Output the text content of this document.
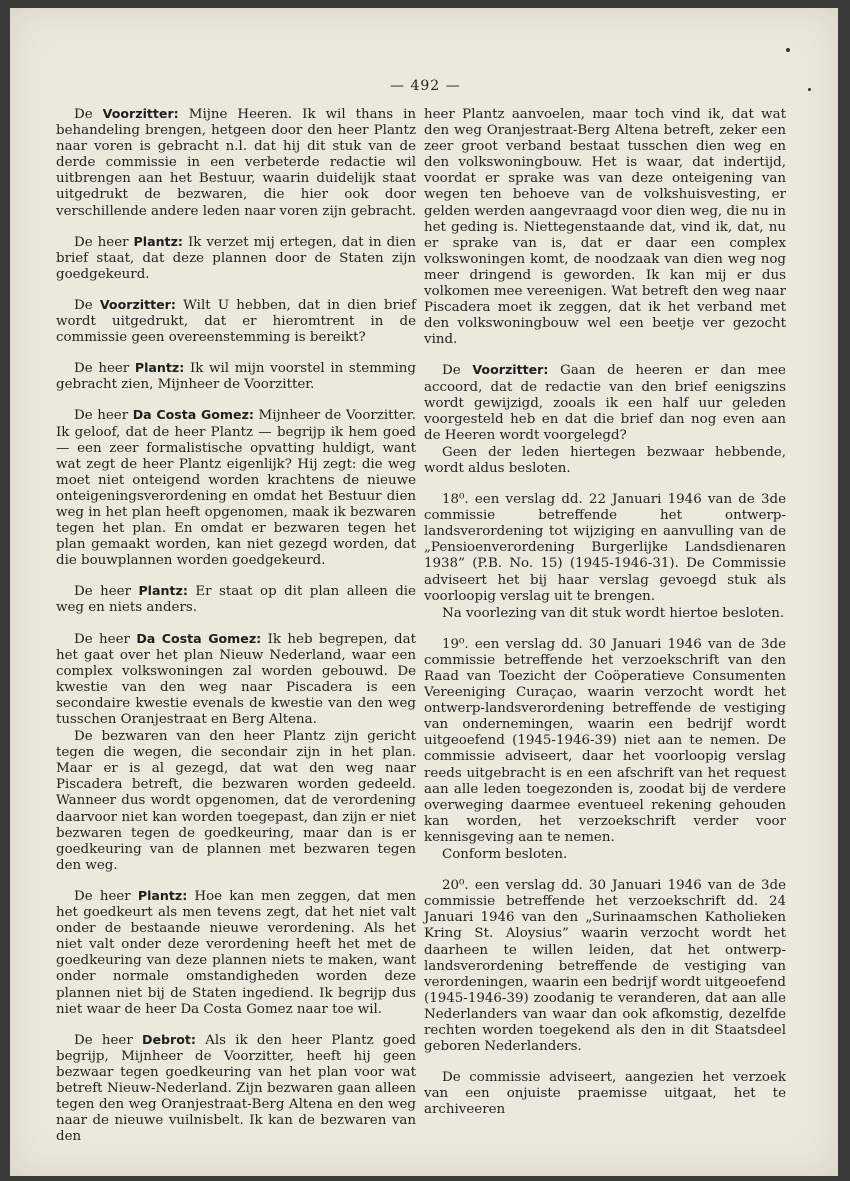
— 492 —

De Voorzitter: Mijne Heeren. Ik wil thans in behandeling brengen, hetgeen door den heer Plantz naar voren is gebracht n.l. dat hij dit stuk van de derde commissie in een verbeterde redactie wil uitbrengen aan het Bestuur, waarin duidelijk staat uitgedrukt de bezwaren, die hier ook door verschillende andere leden naar voren zijn gebracht.

De heer Plantz: Ik verzet mij ertegen, dat in dien brief staat, dat deze plannen door de Staten zijn goedgekeurd.

De Voorzitter: Wilt U hebben, dat in dien brief wordt uitgedrukt, dat er hieromtrent in de commissie geen overeenstemming is bereikt?

De heer Plantz: Ik wil mijn voorstel in stemming gebracht zien, Mijnheer de Voorzitter.

De heer Da Costa Gomez: Mijnheer de Voorzitter. Ik geloof, dat de heer Plantz — begrijp ik hem goed — een zeer formalistische opvatting huldigt, want wat zegt de heer Plantz eigenlijk? Hij zegt: die weg moet niet onteigend worden krachtens de nieuwe onteigeningsverordening en omdat het Bestuur dien weg in het plan heeft opgenomen, maak ik bezwaren tegen het plan. En omdat er bezwaren tegen het plan gemaakt worden, kan niet gezegd worden, dat die bouwplannen worden goedgekeurd.

De heer Plantz: Er staat op dit plan alleen die weg en niets anders.

De heer Da Costa Gomez: Ik heb begrepen, dat het gaat over het plan Nieuw Nederland, waar een complex volkswoningen zal worden gebouwd. De kwestie van den weg naar Piscadera is een secondaire kwestie evenals de kwestie van den weg tusschen Oranjestraat en Berg Altena.

De bezwaren van den heer Plantz zijn gericht tegen die wegen, die secondair zijn in het plan. Maar er is al gezegd, dat wat den weg naar Piscadera betreft, die bezwaren worden gedeeld. Wanneer dus wordt opgenomen, dat de verordening daarvoor niet kan worden toegepast, dan zijn er niet bezwaren tegen de goedkeuring, maar dan is er goedkeuring van de plannen met bezwaren tegen den weg.

De heer Plantz: Hoe kan men zeggen, dat men het goedkeurt als men tevens zegt, dat het niet valt onder de bestaande nieuwe verordening. Als het niet valt onder deze verordening heeft het met de goedkeuring van deze plannen niets te maken, want onder normale omstandigheden worden deze plannen niet bij de Staten ingediend. Ik begrijp dus niet waar de heer Da Costa Gomez naar toe wil.

De heer Debrot: Als ik den heer Plantz goed begrijp, Mijnheer de Voorzitter, heeft hij geen bezwaar tegen goedkeuring van het plan voor wat betreft Nieuw-Nederland. Zijn bezwaren gaan alleen tegen den weg Oranjestraat-Berg Altena en den weg naar de nieuwe vuilnisbelt. Ik kan de bezwaren van den

heer Plantz aanvoelen, maar toch vind ik, dat wat den weg Oranjestraat-Berg Altena betreft, zeker een zeer groot verband bestaat tusschen dien weg en den volkswoningbouw. Het is waar, dat indertijd, voordat er sprake was van deze onteigening van wegen ten behoeve van de volkshuisvesting, er gelden werden aangevraagd voor dien weg, die nu in het geding is. Niettegenstaande dat, vind ik, dat, nu er sprake van is, dat er daar een complex volkswoningen komt, de noodzaak van dien weg nog meer dringend is geworden. Ik kan mij er dus volkomen mee vereenigen. Wat betreft den weg naar Piscadera moet ik zeggen, dat ik het verband met den volkswoningbouw wel een beetje ver gezocht vind.

De Voorzitter: Gaan de heeren er dan mee accoord, dat de redactie van den brief eenigszins wordt gewijzigd, zooals ik een half uur geleden voorgesteld heb en dat die brief dan nog even aan de Heeren wordt voorgelegd?

Geen der leden hiertegen bezwaar hebbende, wordt aldus besloten.

18⁰. een verslag dd. 22 Januari 1946 van de 3de commissie betreffende het ontwerp-landsverordening tot wijziging en aanvulling van de „Pensioenverordening Burgerlijke Landsdienaren 1938” (P.B. No. 15) (1945-1946-31). De Commissie adviseert het bij haar verslag gevoegd stuk als voorloopig verslag uit te brengen.

Na voorlezing van dit stuk wordt hiertoe besloten.

19⁰. een verslag dd. 30 Januari 1946 van de 3de commissie betreffende het verzoekschrift van den Raad van Toezicht der Coöperatieve Consumenten Vereeniging Curaçao, waarin verzocht wordt het ontwerp-landsverordening betreffende de vestiging van ondernemingen, waarin een bedrijf wordt uitgeoefend (1945-1946-39) niet aan te nemen. De commissie adviseert, daar het voorloopig verslag reeds uitgebracht is en een afschrift van het request aan alle leden toegezonden is, zoodat bij de verdere overweging daarmee eventueel rekening gehouden kan worden, het verzoekschrift verder voor kennisgeving aan te nemen.

Conform besloten.

20⁰. een verslag dd. 30 Januari 1946 van de 3de commissie betreffende het verzoekschrift dd. 24 Januari 1946 van den „Surinaamschen Katholieken Kring St. Aloysius” waarin verzocht wordt het daarheen te willen leiden, dat het ontwerp-landsverordening betreffende de vestiging van verordeningen, waarin een bedrijf wordt uitgeoefend (1945-1946-39) zoodanig te veranderen, dat aan alle Nederlanders van waar dan ook afkomstig, dezelfde rechten worden toegekend als den in dit Staatsdeel geboren Nederlanders.

De commissie adviseert, aangezien het verzoek van een onjuiste praemisse uitgaat, het te archiveeren
